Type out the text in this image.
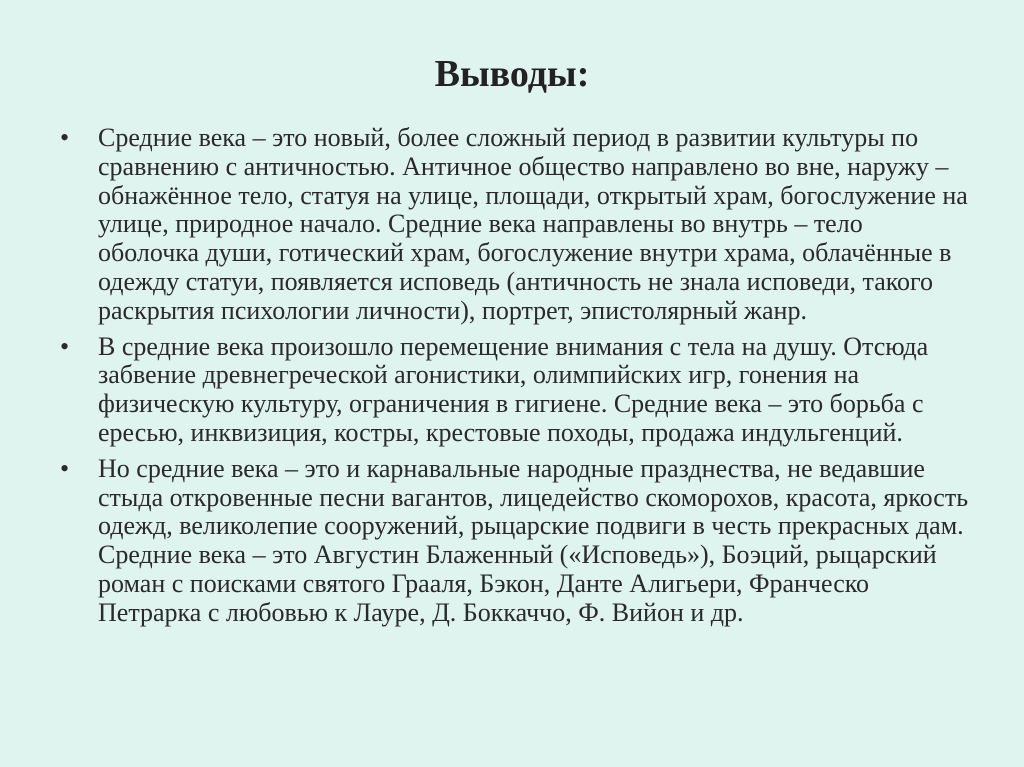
Выводы:
• Средние века – это новый, более сложный период в развитии культуры по сравнению с античностью. Античное общество направлено во вне, наружу – обнажённое тело, статуя на улице, площади, открытый храм, богослужение на улице, природное начало. Средние века направлены во внутрь – тело оболочка души, готический храм, богослужение внутри храма, облачённые в одежду статуи, появляется исповедь (античность не знала исповеди, такого раскрытия психологии личности), портрет, эпистолярный жанр.
• В средние века произошло перемещение внимания с тела на душу. Отсюда забвение древнегреческой агонистики, олимпийских игр, гонения на физическую культуру, ограничения в гигиене. Средние века – это борьба с ересью, инквизиция, костры, крестовые походы, продажа индульгенций.
• Но средние века – это и карнавальные народные празднества, не ведавшие стыда откровенные песни вагантов, лицедейство скоморохов, красота, яркость одежд, великолепие сооружений, рыцарские подвиги в честь прекрасных дам. Средние века – это Августин Блаженный («Исповедь»), Боэций, рыцарский роман с поисками святого Грааля, Бэкон, Данте Алигьери, Франческо Петрарка с любовью к Лауре, Д. Боккаччо, Ф. Вийон и др.
